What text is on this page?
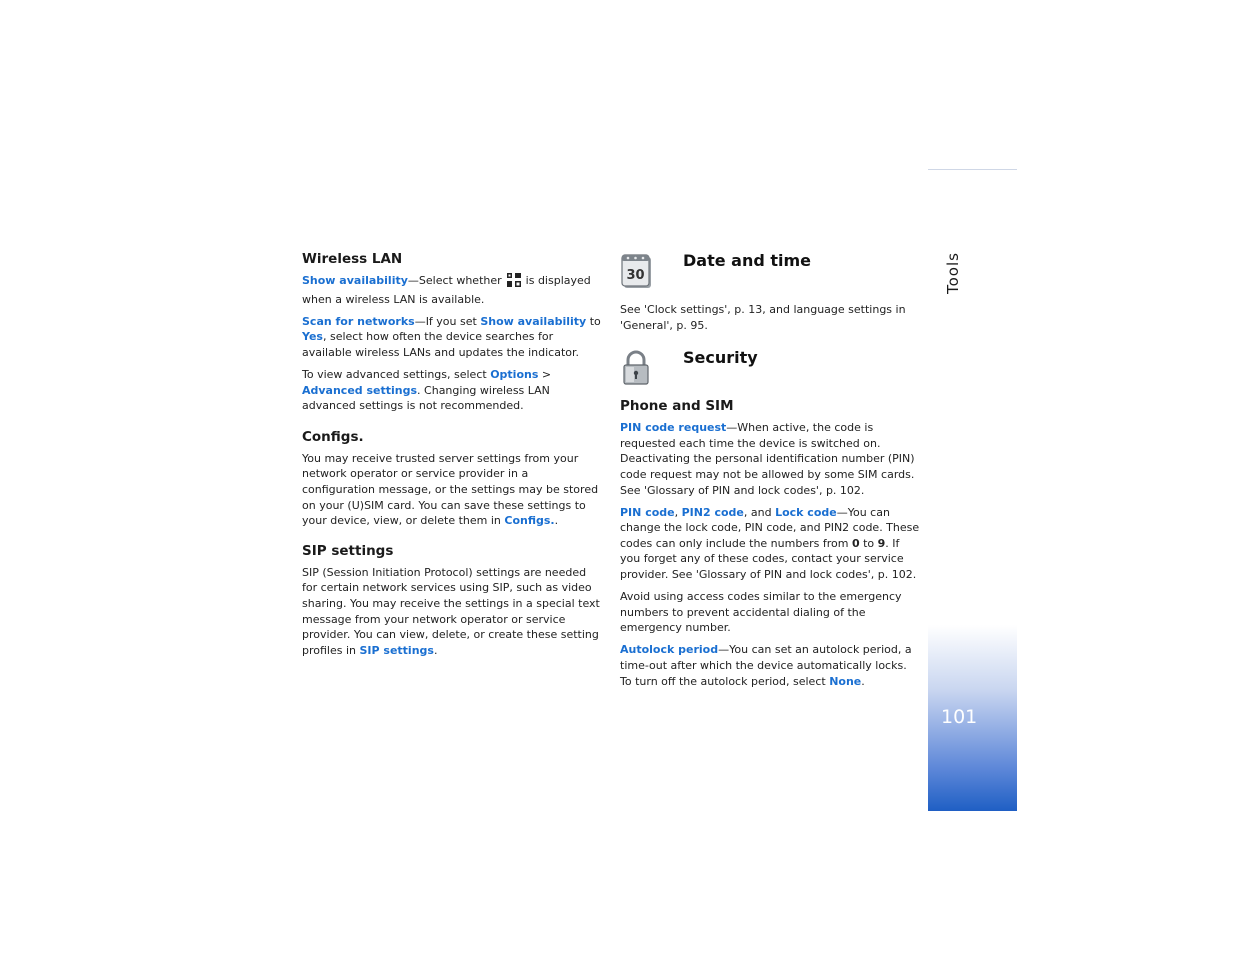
Tools
101
Wireless LAN

Show availability—Select whether is displayed when a wireless LAN is available.

Scan for networks—If you set Show availability to Yes, select how often the device searches for available wireless LANs and updates the indicator.

To view advanced settings, select Options > Advanced settings. Changing wireless LAN advanced settings is not recommended.

Configs.

You may receive trusted server settings from your network operator or service provider in a configuration message, or the settings may be stored on your (U)SIM card. You can save these settings to your device, view, or delete them in Configs..

SIP settings

SIP (Session Initiation Protocol) settings are needed for certain network services using SIP, such as video sharing. You may receive the settings in a special text message from your network operator or service provider. You can view, delete, or create these setting profiles in SIP settings.

30
Date and time

See 'Clock settings', p. 13, and language settings in 'General', p. 95.

Security
Phone and SIM

PIN code request—When active, the code is requested each time the device is switched on. Deactivating the personal identification number (PIN) code request may not be allowed by some SIM cards. See 'Glossary of PIN and lock codes', p. 102.

PIN code, PIN2 code, and Lock code—You can change the lock code, PIN code, and PIN2 code. These codes can only include the numbers from 0 to 9. If you forget any of these codes, contact your service provider. See 'Glossary of PIN and lock codes', p. 102.

Avoid using access codes similar to the emergency numbers to prevent accidental dialing of the emergency number.

Autolock period—You can set an autolock period, a time-out after which the device automatically locks. To turn off the autolock period, select None.
